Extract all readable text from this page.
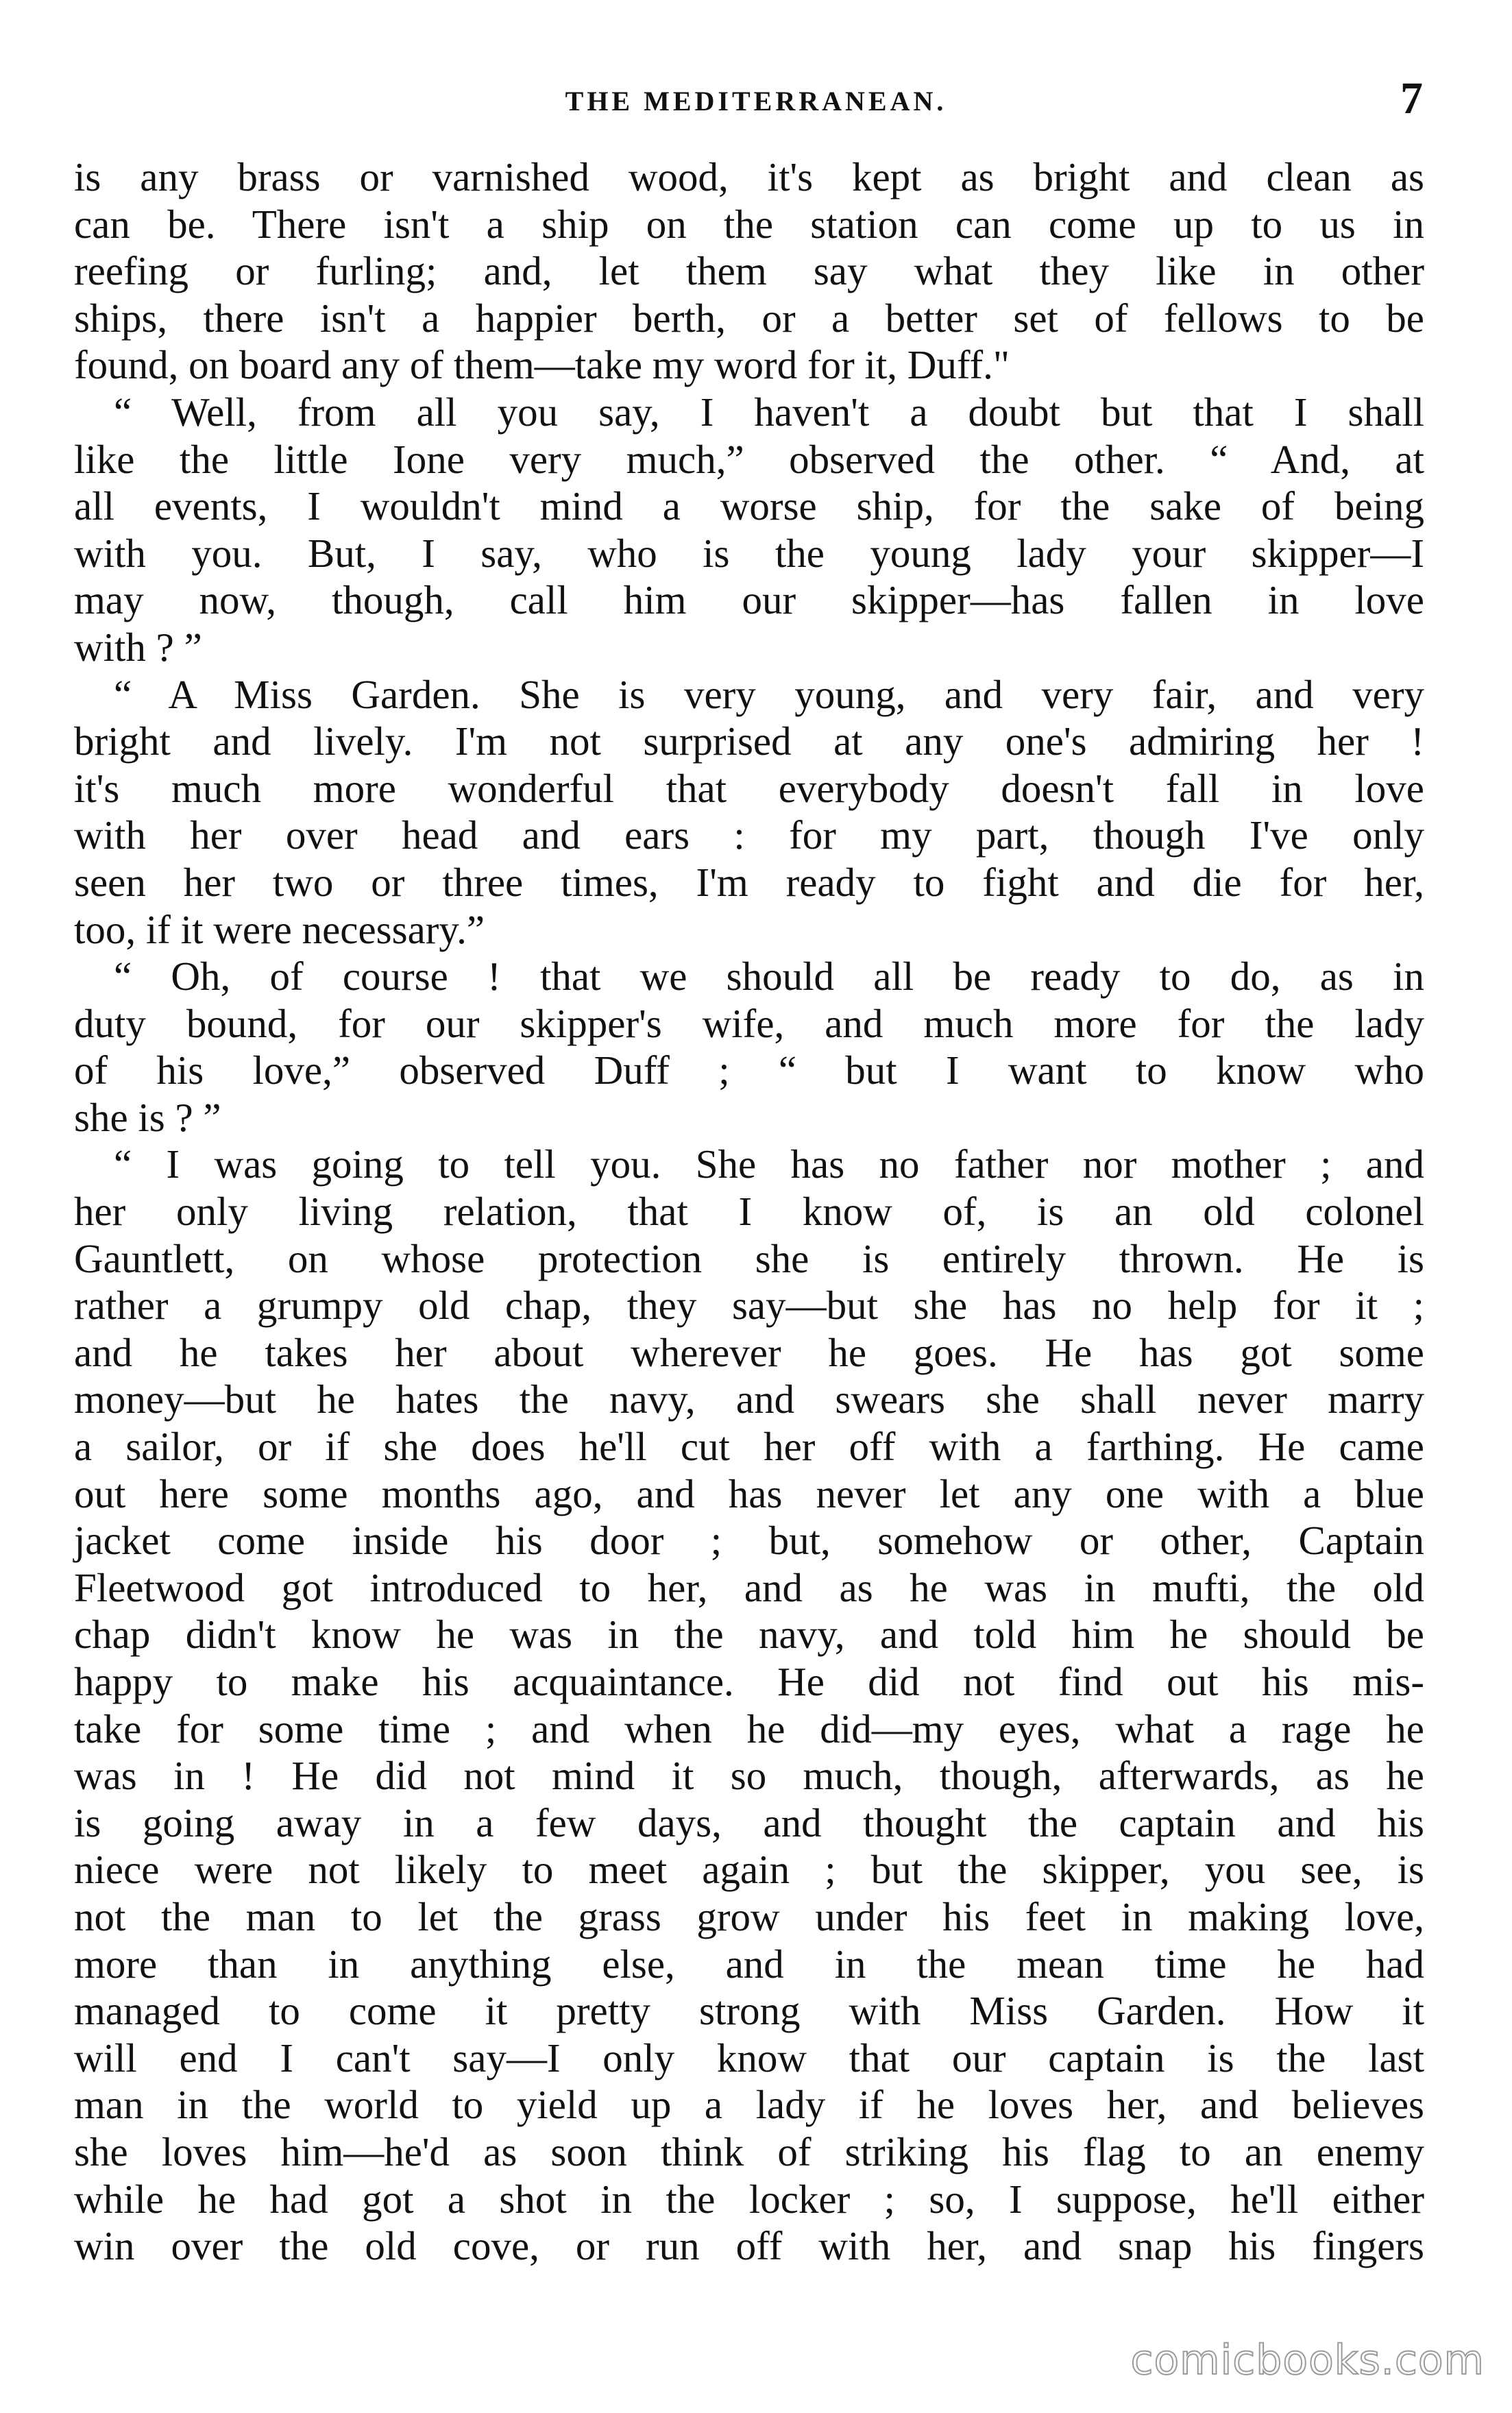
THE MEDITERRANEAN.	7
is any brass or varnished wood, it's kept as bright and clean as
can be. There isn't a ship on the station can come up to us in
reefing or furling; and, let them say what they like in other
ships, there isn't a happier berth, or a better set of fellows to be
found, on board any of them—take my word for it, Duff."
“ Well, from all you say, I haven't a doubt but that I shall
like the little Ione very much,” observed the other. “ And, at
all events, I wouldn't mind a worse ship, for the sake of being
with you. But, I say, who is the young lady your skipper—I
may now, though, call him our skipper—has fallen in love
with ? ”
“ A Miss Garden. She is very young, and very fair, and very
bright and lively. I'm not surprised at any one's admiring her !
it's much more wonderful that everybody doesn't fall in love
with her over head and ears : for my part, though I've only
seen her two or three times, I'm ready to fight and die for her,
too, if it were necessary.”
“ Oh, of course ! that we should all be ready to do, as in
duty bound, for our skipper's wife, and much more for the lady
of his love,” observed Duff ; “ but I want to know who
she is ? ”
“ I was going to tell you. She has no father nor mother ; and
her only living relation, that I know of, is an old colonel
Gauntlett, on whose protection she is entirely thrown. He is
rather a grumpy old chap, they say—but she has no help for it ;
and he takes her about wherever he goes. He has got some
money—but he hates the navy, and swears she shall never marry
a sailor, or if she does he'll cut her off with a farthing. He came
out here some months ago, and has never let any one with a blue
jacket come inside his door ; but, somehow or other, Captain
Fleetwood got introduced to her, and as he was in mufti, the old
chap didn't know he was in the navy, and told him he should be
happy to make his acquaintance. He did not find out his mis-
take for some time ; and when he did—my eyes, what a rage he
was in ! He did not mind it so much, though, afterwards, as he
is going away in a few days, and thought the captain and his
niece were not likely to meet again ; but the skipper, you see, is
not the man to let the grass grow under his feet in making love,
more than in anything else, and in the mean time he had
managed to come it pretty strong with Miss Garden. How it
will end I can't say—I only know that our captain is the last
man in the world to yield up a lady if he loves her, and believes
she loves him—he'd as soon think of striking his flag to an enemy
while he had got a shot in the locker ; so, I suppose, he'll either
win over the old cove, or run off with her, and snap his fingers
comicbooks.com
